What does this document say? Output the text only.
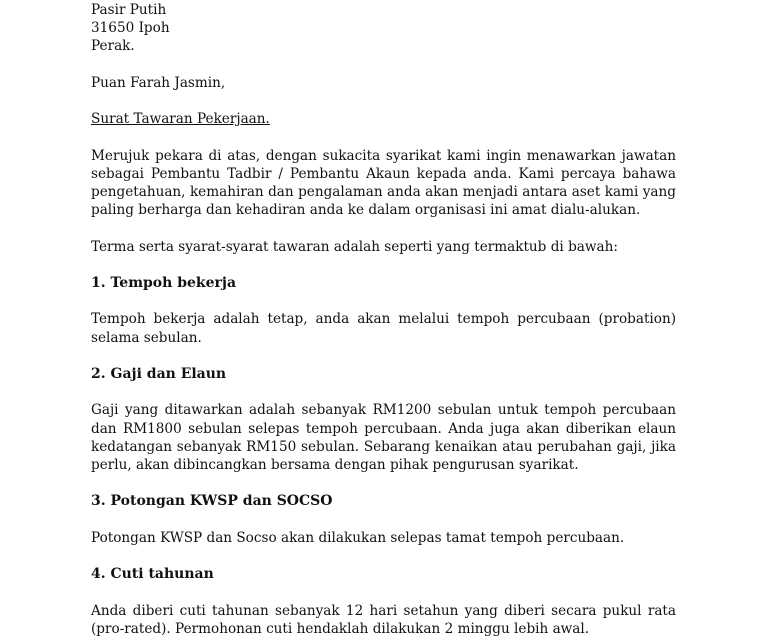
Pasir Putih

31650 Ipoh

Perak.

Puan Farah Jasmin,

Surat Tawaran Pekerjaan.

Merujuk pekara di atas, dengan sukacita syarikat kami ingin menawarkan jawatan sebagai Pembantu Tadbir / Pembantu Akaun kepada anda. Kami percaya bahawa pengetahuan, kemahiran dan pengalaman anda akan menjadi antara aset kami yang paling berharga dan kehadiran anda ke dalam organisasi ini amat dialu-alukan.

Terma serta syarat-syarat tawaran adalah seperti yang termaktub di bawah:

1. Tempoh bekerja

Tempoh bekerja adalah tetap, anda akan melalui tempoh percubaan (probation) selama sebulan.

2. Gaji dan Elaun

Gaji yang ditawarkan adalah sebanyak RM1200 sebulan untuk tempoh percubaan dan RM1800 sebulan selepas tempoh percubaan. Anda juga akan diberikan elaun kedatangan sebanyak RM150 sebulan. Sebarang kenaikan atau perubahan gaji, jika perlu, akan dibincangkan bersama dengan pihak pengurusan syarikat.

3. Potongan KWSP dan SOCSO

Potongan KWSP dan Socso akan dilakukan selepas tamat tempoh percubaan.

4. Cuti tahunan

Anda diberi cuti tahunan sebanyak 12 hari setahun yang diberi secara pukul rata (pro-rated). Permohonan cuti hendaklah dilakukan 2 minggu lebih awal.
